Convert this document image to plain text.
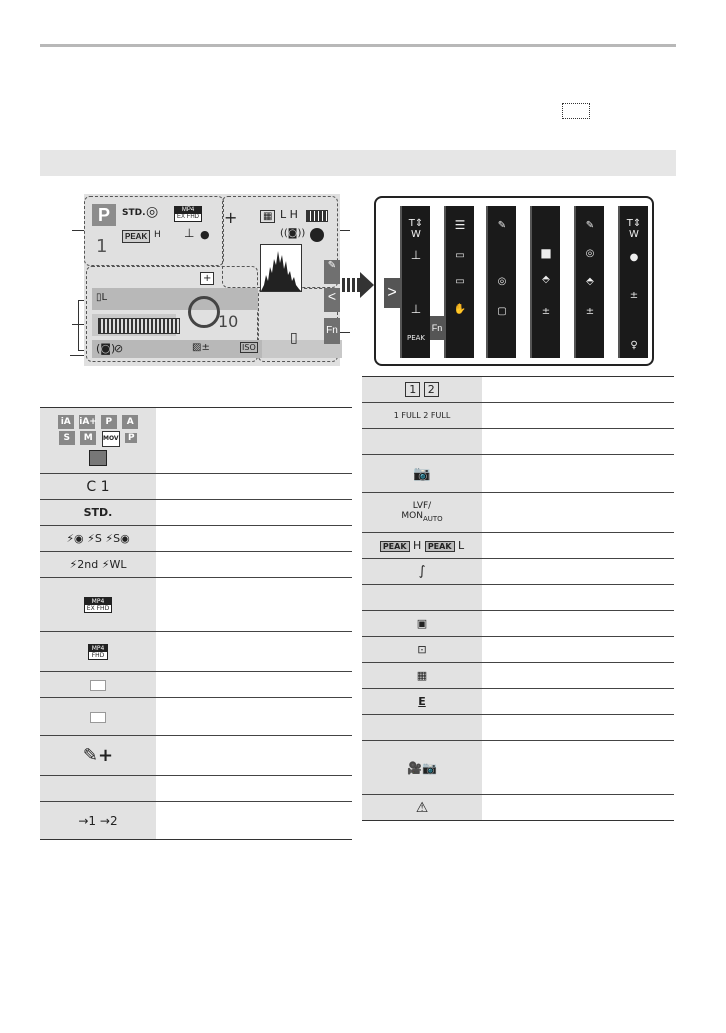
P	STD. ◎	MP4
EX FHD
PEAK H ⊥ ●
1
+	▦ L H
((◙))
▯L
+
10
(◙)
⊘	▨±	ISO
▯
✎
<
Fn
T⇕
W
⊥
⊥
PEAK
>
☰
▭
▭
✋
Fn
✎
◎
▢
■
⬘
±
✎
◎
⬘
±
T⇕
W
●
±
♀
iA iA+ P A
S M MOV P

C 1	
STD.	
⚡◉ ⚡S ⚡S◉	
⚡2nd ⚡WL	

MP4
EX FHD	

MP4
FHD	

✎+	

→1 →2	
1 2	
1 FULL 2 FULL	

📷	
LVF/
$MON_{AUTO}$	
PEAK H PEAK L	
∫	

▣	
⊡	
▦	
E	

🎥📷	
⚠	
